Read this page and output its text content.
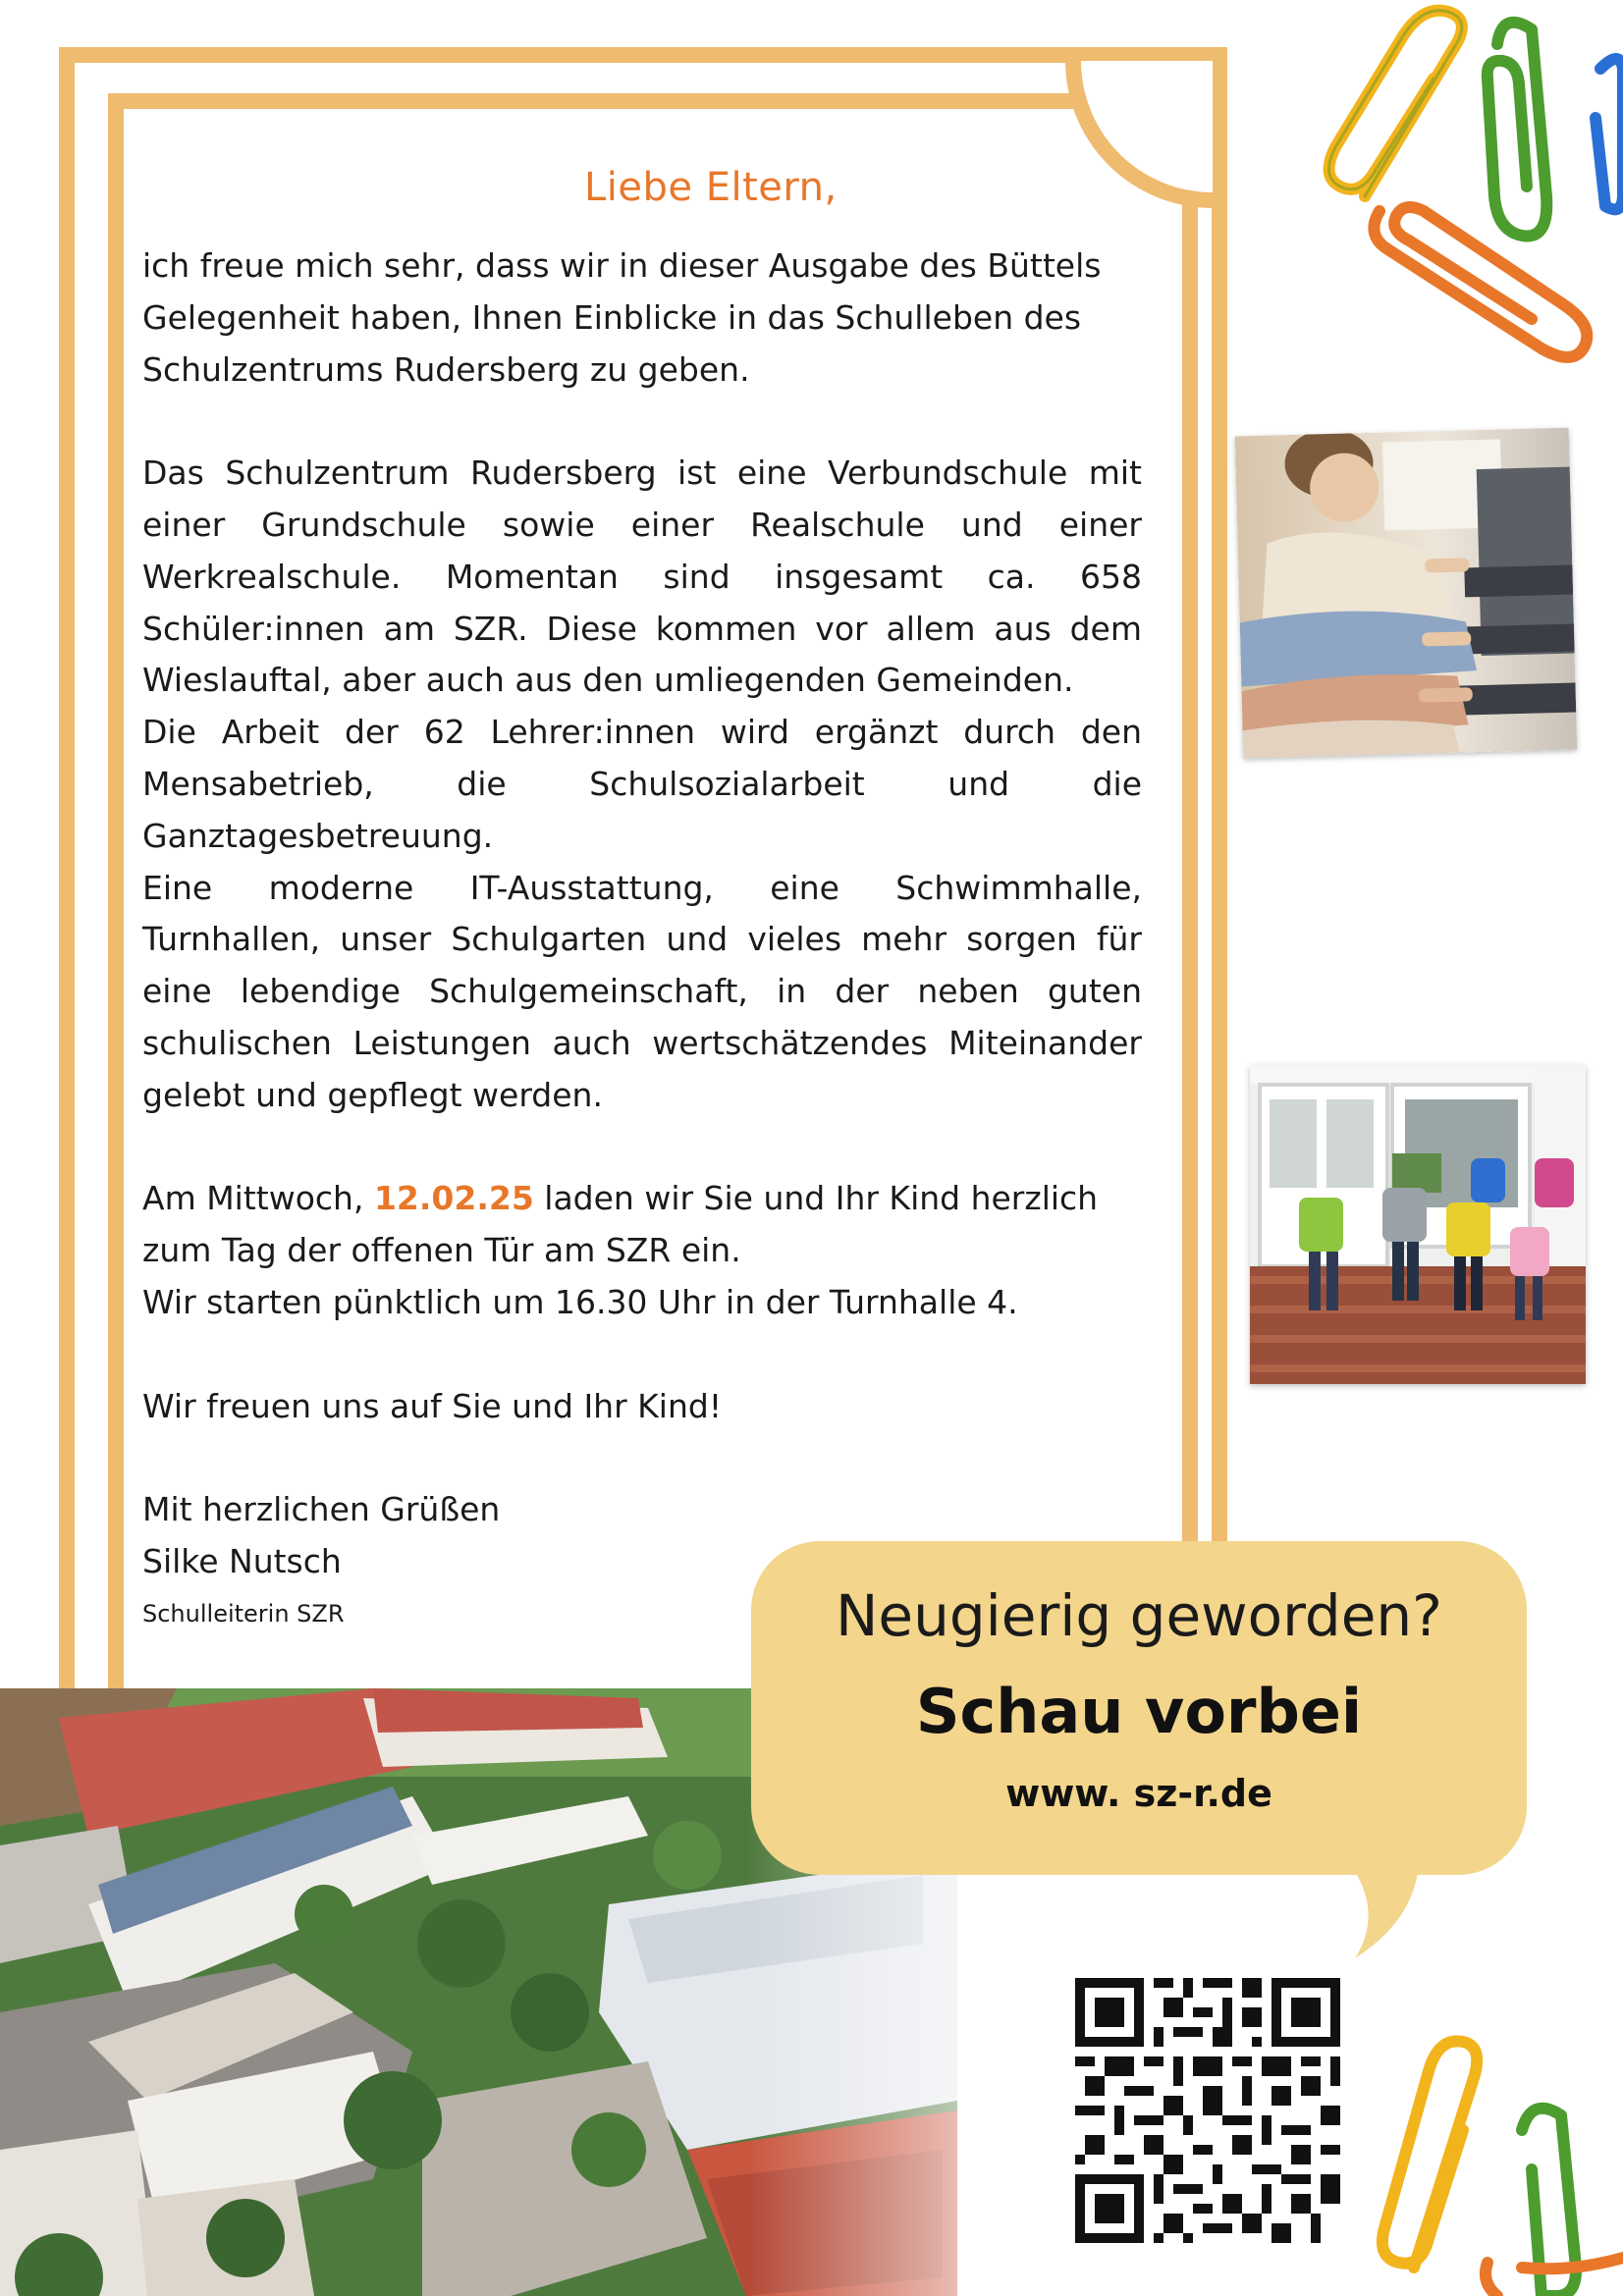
Liebe Eltern,

ich freue mich sehr, dass wir in dieser Ausgabe des Büttels

Gelegenheit haben, Ihnen Einblicke in das Schulleben des

Schulzentrums Rudersberg zu geben.

Das Schulzentrum Rudersberg ist eine Verbundschule mit einer Grundschule sowie einer Realschule und einer Werkrealschule. Momentan sind insgesamt ca. 658 Schüler:innen am SZR. Diese kommen vor allem aus dem Wieslauftal, aber auch aus den umliegenden Gemeinden.

Die Arbeit der 62 Lehrer:innen wird ergänzt durch den Mensabetrieb, die Schulsozialarbeit und die Ganztagesbetreuung.

Eine moderne IT-Ausstattung, eine Schwimmhalle, Turnhallen, unser Schulgarten und vieles mehr sorgen für eine lebendige Schulgemeinschaft, in der neben guten schulischen Leistungen auch wertschätzendes Miteinander gelebt und gepflegt werden.

Am Mittwoch, 12.02.25 laden wir Sie und Ihr Kind herzlich

zum Tag der offenen Tür am SZR ein.

Wir starten pünktlich um 16.30 Uhr in der Turnhalle 4.

Wir freuen uns auf Sie und Ihr Kind!

Mit herzlichen Grüßen

Silke Nutsch

Schulleiterin SZR	Neugierig geworden?
Schau vorbei
www. sz-r.de
